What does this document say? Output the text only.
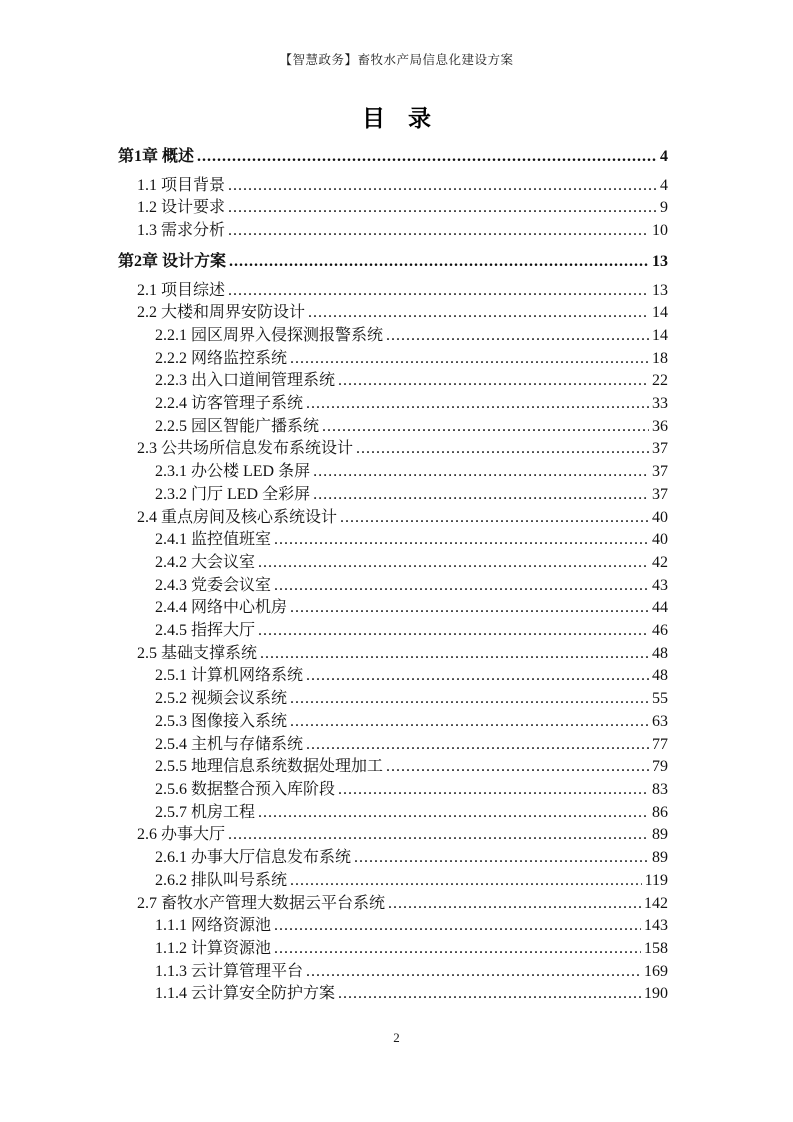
【智慧政务】畜牧水产局信息化建设方案
目　录
第1章 概述 .....	4
1.1 项目背景 .....	4
1.2 设计要求 .....	9
1.3 需求分析 .....	10
第2章 设计方案 .....	13
2.1 项目综述 .....	13
2.2 大楼和周界安防设计 .....	14
2.2.1 园区周界入侵探测报警系统 .....	14
2.2.2 网络监控系统 .....	18
2.2.3 出入口道闸管理系统 .....	22
2.2.4 访客管理子系统 .....	33
2.2.5 园区智能广播系统 .....	36
2.3 公共场所信息发布系统设计 .....	37
2.3.1 办公楼 LED 条屏 .....	37
2.3.2 门厅 LED 全彩屏 .....	37
2.4 重点房间及核心系统设计 .....	40
2.4.1 监控值班室 .....	40
2.4.2 大会议室 .....	42
2.4.3 党委会议室 .....	43
2.4.4 网络中心机房 .....	44
2.4.5 指挥大厅 .....	46
2.5 基础支撑系统 .....	48
2.5.1 计算机网络系统 .....	48
2.5.2 视频会议系统 .....	55
2.5.3 图像接入系统 .....	63
2.5.4 主机与存储系统 .....	77
2.5.5 地理信息系统数据处理加工 .....	79
2.5.6 数据整合预入库阶段 .....	83
2.5.7 机房工程 .....	86
2.6 办事大厅 .....	89
2.6.1 办事大厅信息发布系统 .....	89
2.6.2 排队叫号系统 .....	119
2.7 畜牧水产管理大数据云平台系统 .....	142
1.1.1 网络资源池 .....	143
1.1.2 计算资源池 .....	158
1.1.3 云计算管理平台 .....	169
1.1.4 云计算安全防护方案 .....	190
2
